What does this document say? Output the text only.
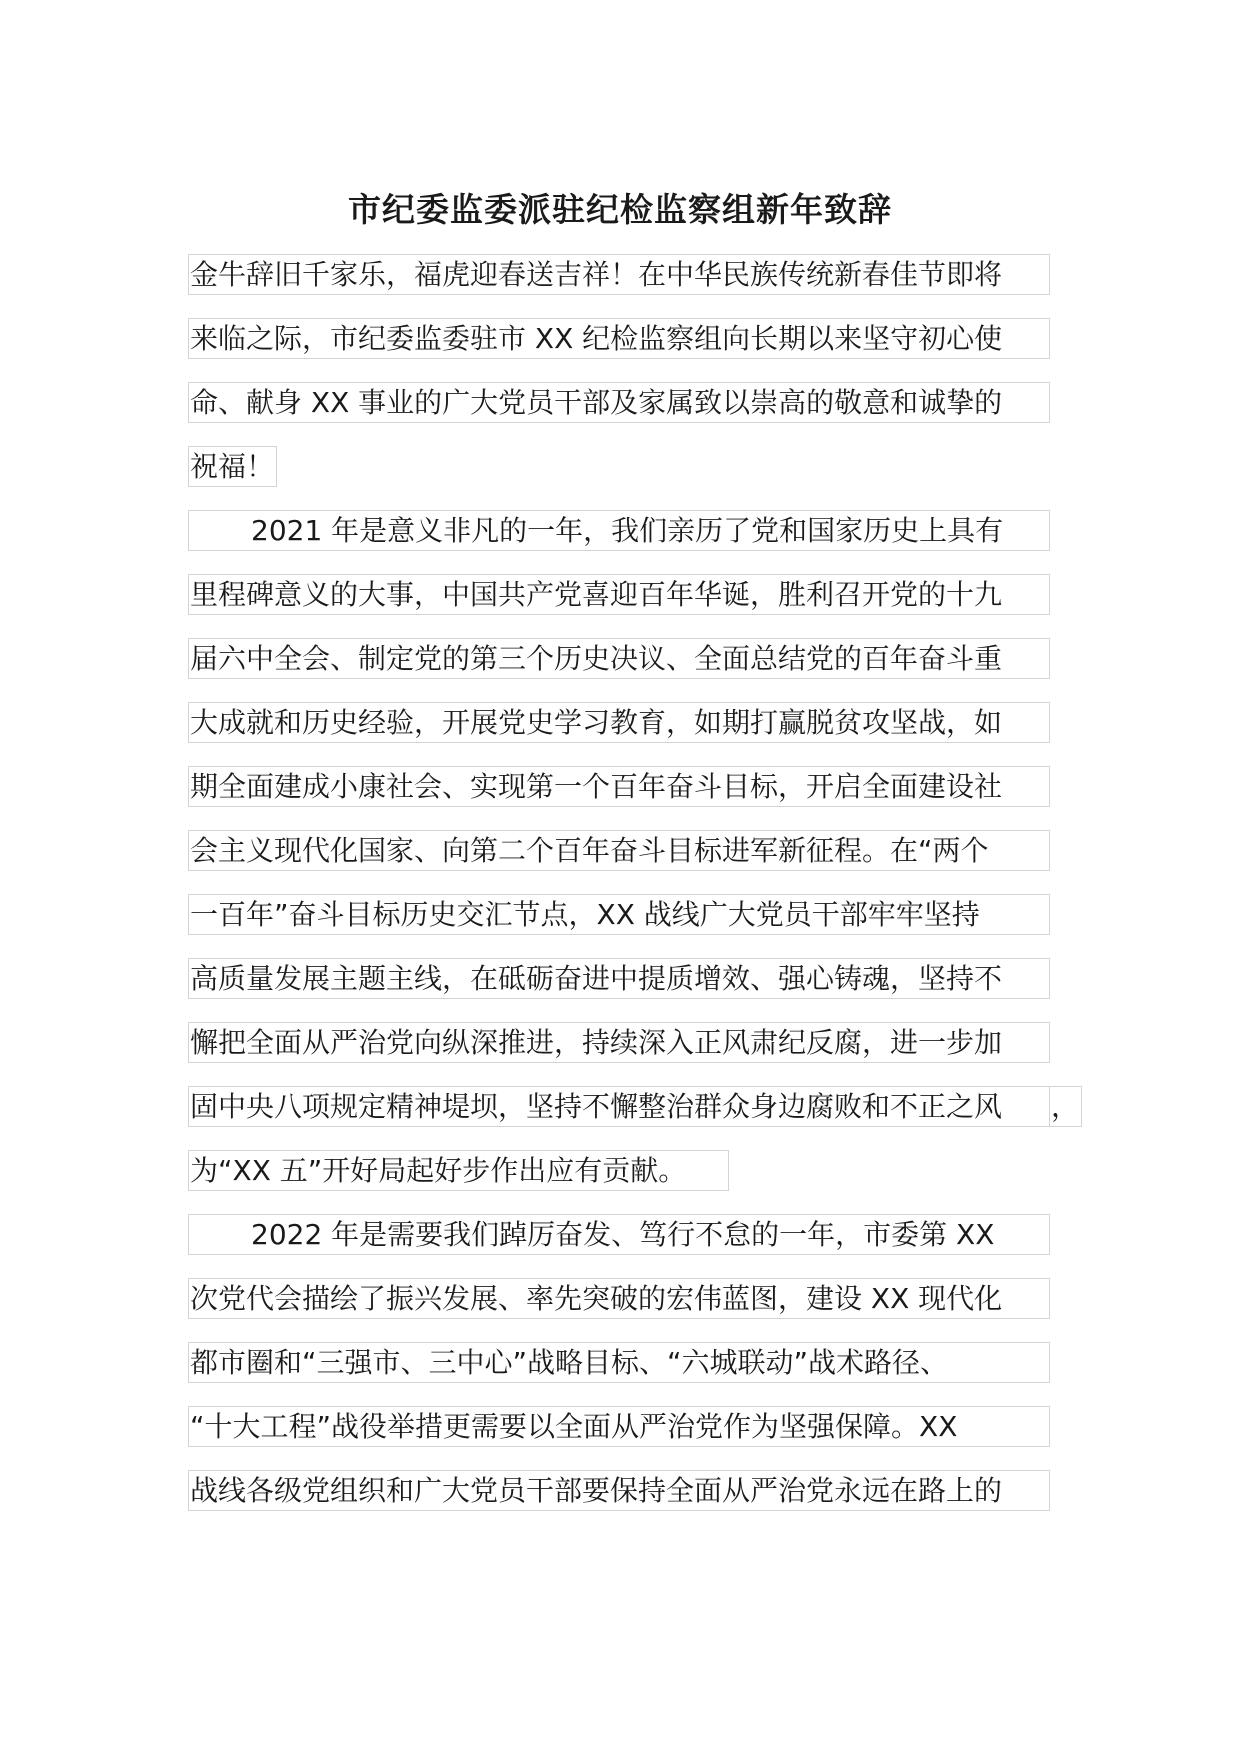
市纪委监委派驻纪检监察组新年致辞
金牛辞旧千家乐，福虎迎春送吉祥！在中华民族传统新春佳节即将
来临之际，市纪委监委驻市 XX 纪检监察组向长期以来坚守初心使
命、献身 XX 事业的广大党员干部及家属致以崇高的敬意和诚挚的
祝福！
2021 年是意义非凡的一年，我们亲历了党和国家历史上具有
里程碑意义的大事，中国共产党喜迎百年华诞，胜利召开党的十九
届六中全会、制定党的第三个历史决议、全面总结党的百年奋斗重
大成就和历史经验，开展党史学习教育，如期打赢脱贫攻坚战，如
期全面建成小康社会、实现第一个百年奋斗目标，开启全面建设社
会主义现代化国家、向第二个百年奋斗目标进军新征程。在“两个
一百年”奋斗目标历史交汇节点，XX 战线广大党员干部牢牢坚持
高质量发展主题主线，在砥砺奋进中提质增效、强心铸魂，坚持不
懈把全面从严治党向纵深推进，持续深入正风肃纪反腐，进一步加
固中央八项规定精神堤坝，坚持不懈整治群众身边腐败和不正之风	，
为“XX 五”开好局起好步作出应有贡献。
2022 年是需要我们踔厉奋发、笃行不怠的一年，市委第 XX
次党代会描绘了振兴发展、率先突破的宏伟蓝图，建设 XX 现代化
都市圈和“三强市、三中心”战略目标、“六城联动”战术路径、
“十大工程”战役举措更需要以全面从严治党作为坚强保障。XX
战线各级党组织和广大党员干部要保持全面从严治党永远在路上的
